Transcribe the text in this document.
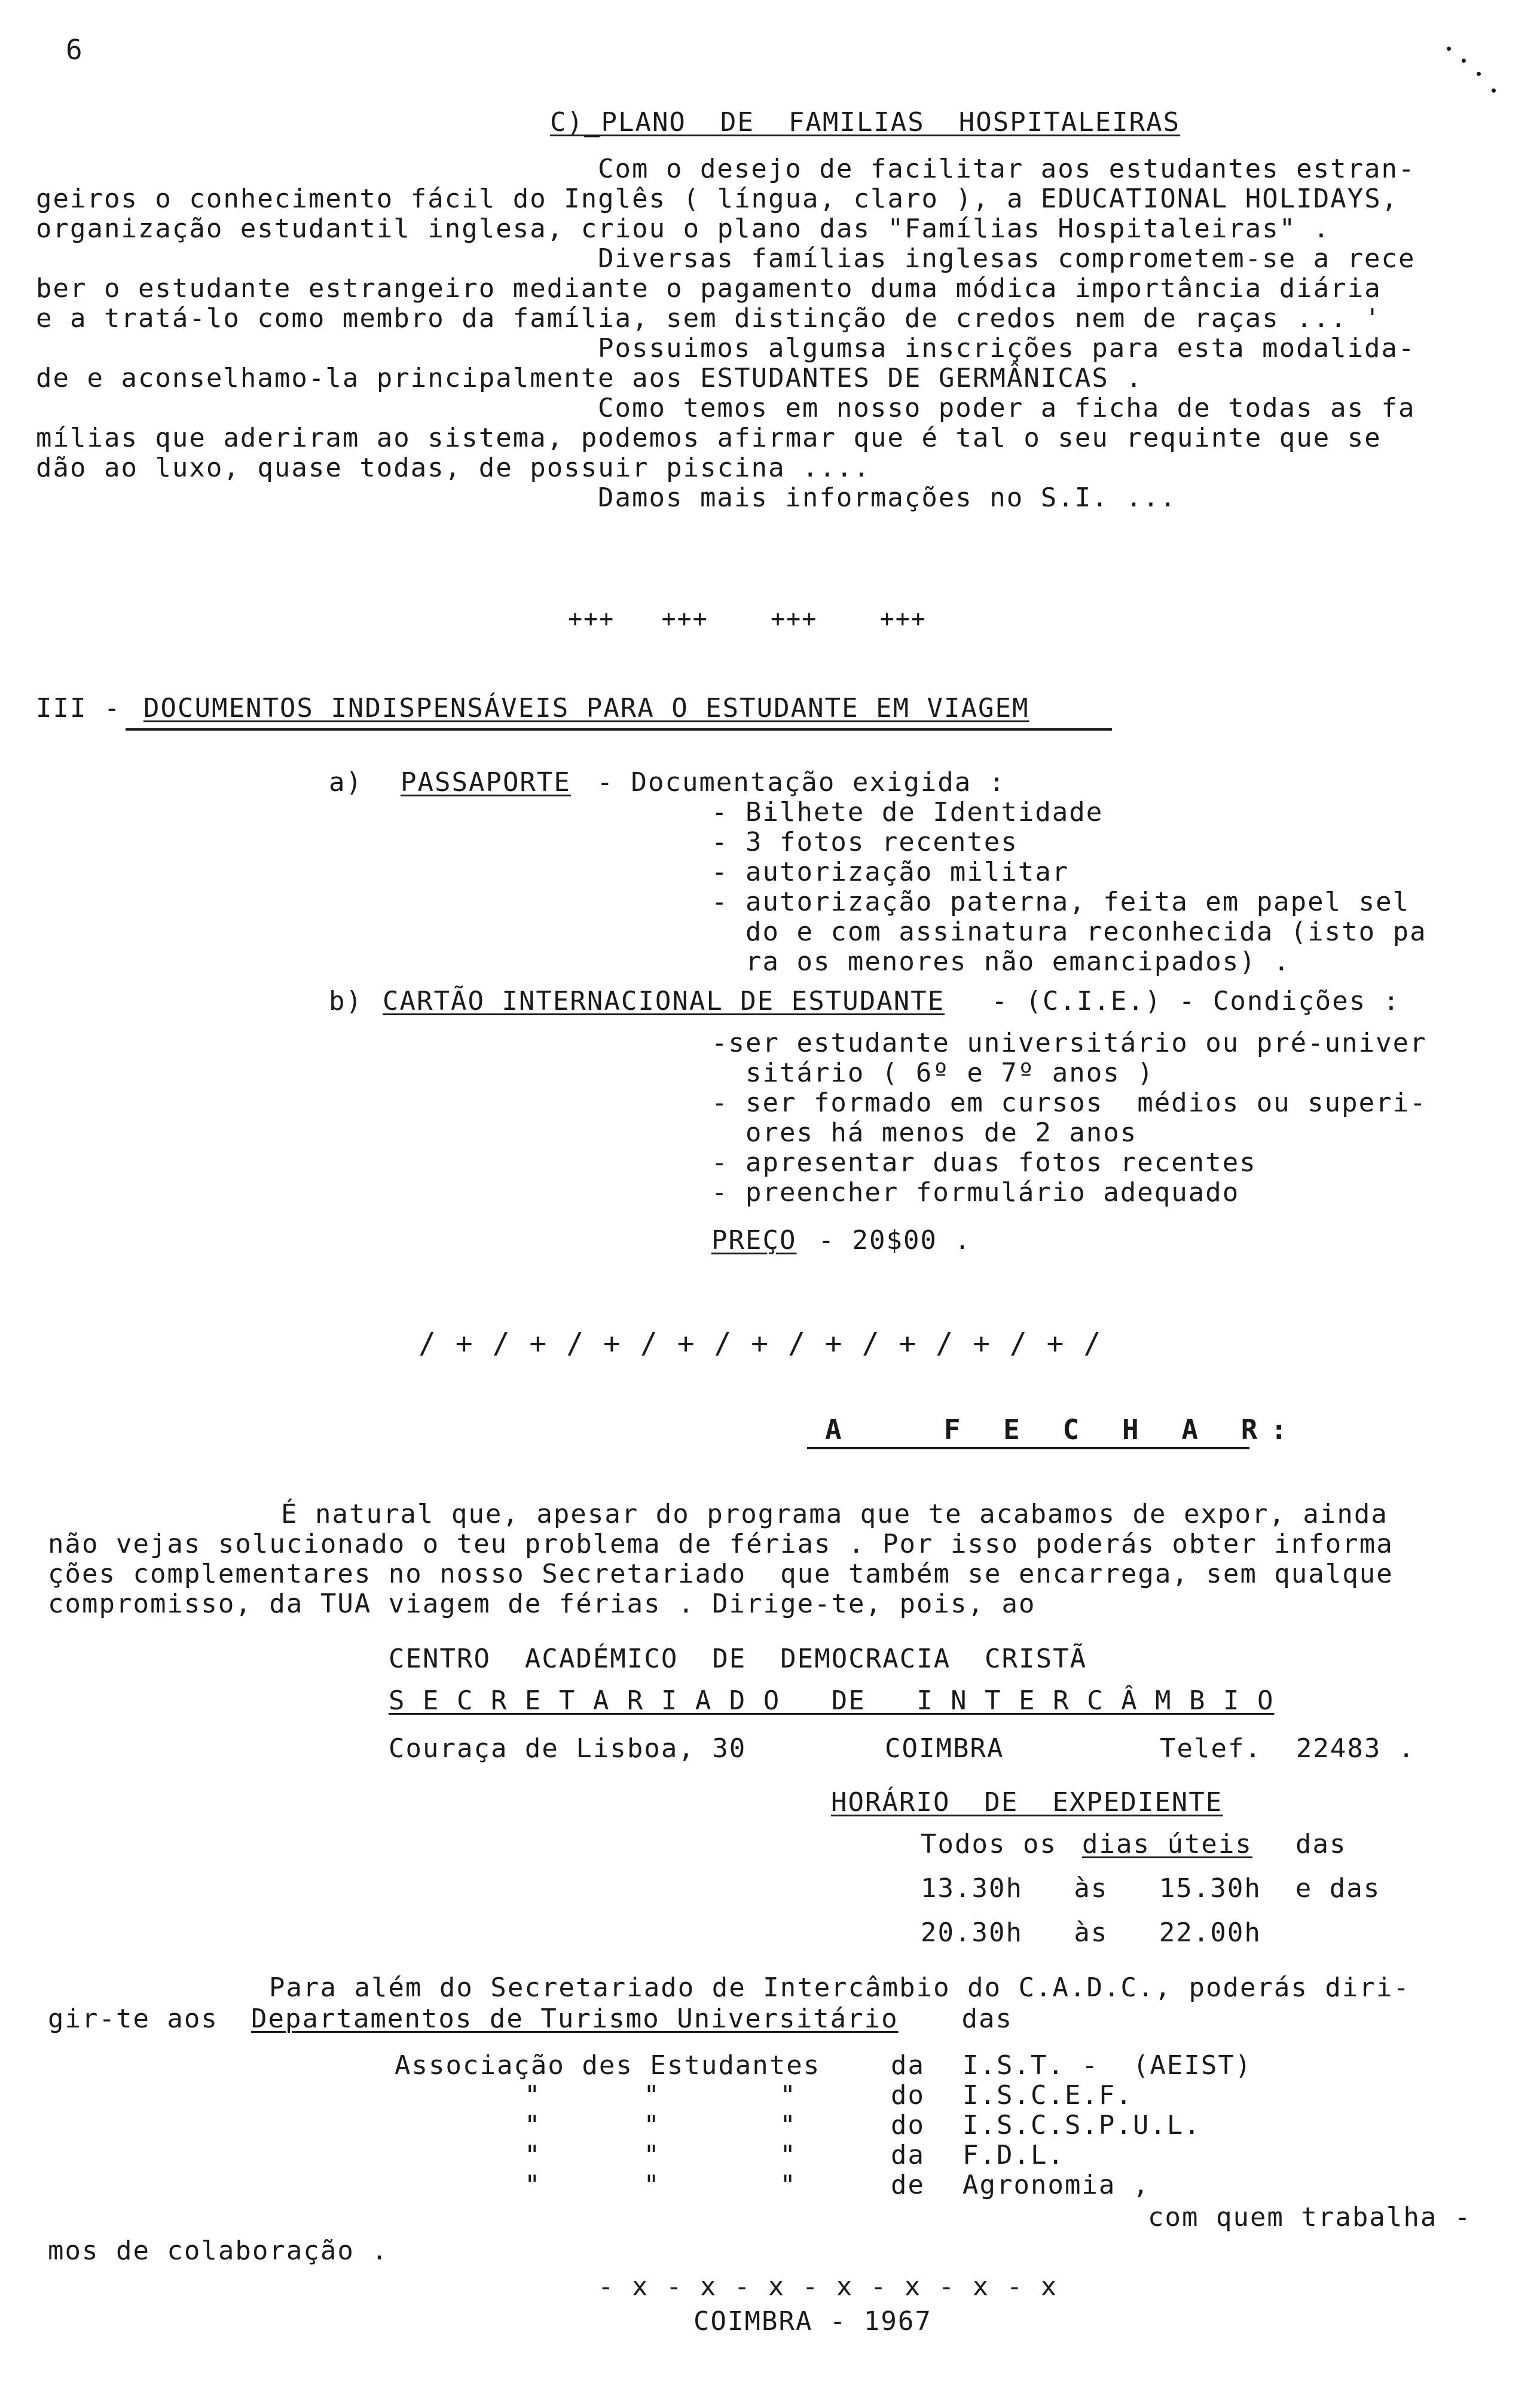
6
C)_PLANO  DE  FAMILIAS  HOSPITALEIRAS
Com o desejo de facilitar aos estudantes estran-
geiros o conhecimento fácil do Inglês ( língua, claro ), a EDUCATIONAL HOLIDAYS,
organização estudantil inglesa, criou o plano das "Famílias Hospitaleiras" .
Diversas famílias inglesas comprometem-se a rece
ber o estudante estrangeiro mediante o pagamento duma módica importância diária
e a tratá-lo como membro da família, sem distinção de credos nem de raças ... '
Possuimos algumsa inscrições para esta modalida-
de e aconselhamo-la principalmente aos ESTUDANTES DE GERMÂNICAS .
Como temos em nosso poder a ficha de todas as fa
mílias que aderiram ao sistema, podemos afirmar que é tal o seu requinte que se
dão ao luxo, quase todas, de possuir piscina ....
Damos mais informações no S.I. ...
+++   +++    +++    +++
III - DOCUMENTOS INDISPENSÁVEIS PARA O ESTUDANTE EM VIAGEM
a) PASSAPORTE - Documentação exigida :
- Bilhete de Identidade
- 3 fotos recentes
- autorização militar
- autorização paterna, feita em papel sel
do e com assinatura reconhecida (isto pa
ra os menores não emancipados) .
b) CARTÃO INTERNACIONAL DE ESTUDANTE - (C.I.E.) - Condições :
-ser estudante universitário ou pré-univer
sitário ( 6º e 7º anos )
- ser formado em cursos  médios ou superi-
ores há menos de 2 anos
- apresentar duas fotos recentes
- preencher formulário adequado
PREÇO - 20$00 .
/ + / + / + / + / + / + / + / + / + /
A   F E C H A R:
É natural que, apesar do programa que te acabamos de expor, ainda
não vejas solucionado o teu problema de férias . Por isso poderás obter informa
ções complementares no nosso Secretariado  que também se encarrega, sem qualque
compromisso, da TUA viagem de férias . Dirige-te, pois, ao
CENTRO  ACADÉMICO  DE  DEMOCRACIA  CRISTÃ
S E C R E T A R I A D O   DE   I N T E R C Â M B I O
Couraça de Lisboa, 30	COIMBRA	Telef.  22483 .
HORÁRIO  DE  EXPEDIENTE
Todos os dias úteis das
13.30h   às   15.30h  e das
20.30h   às   22.00h
Para além do Secretariado de Intercâmbio do C.A.D.C., poderás diri-
gir-te aos Departamentos de Turismo Universitário das
Associação des Estudantes	da I.S.T. -  (AEIST)
"      "       "	do I.S.C.E.F.
"      "       "	do I.S.C.S.P.U.L.
"      "       "	da F.D.L.
"      "       "	de Agronomia ,
com quem trabalha -
mos de colaboração .
- x - x - x - x - x - x - x
COIMBRA - 1967
